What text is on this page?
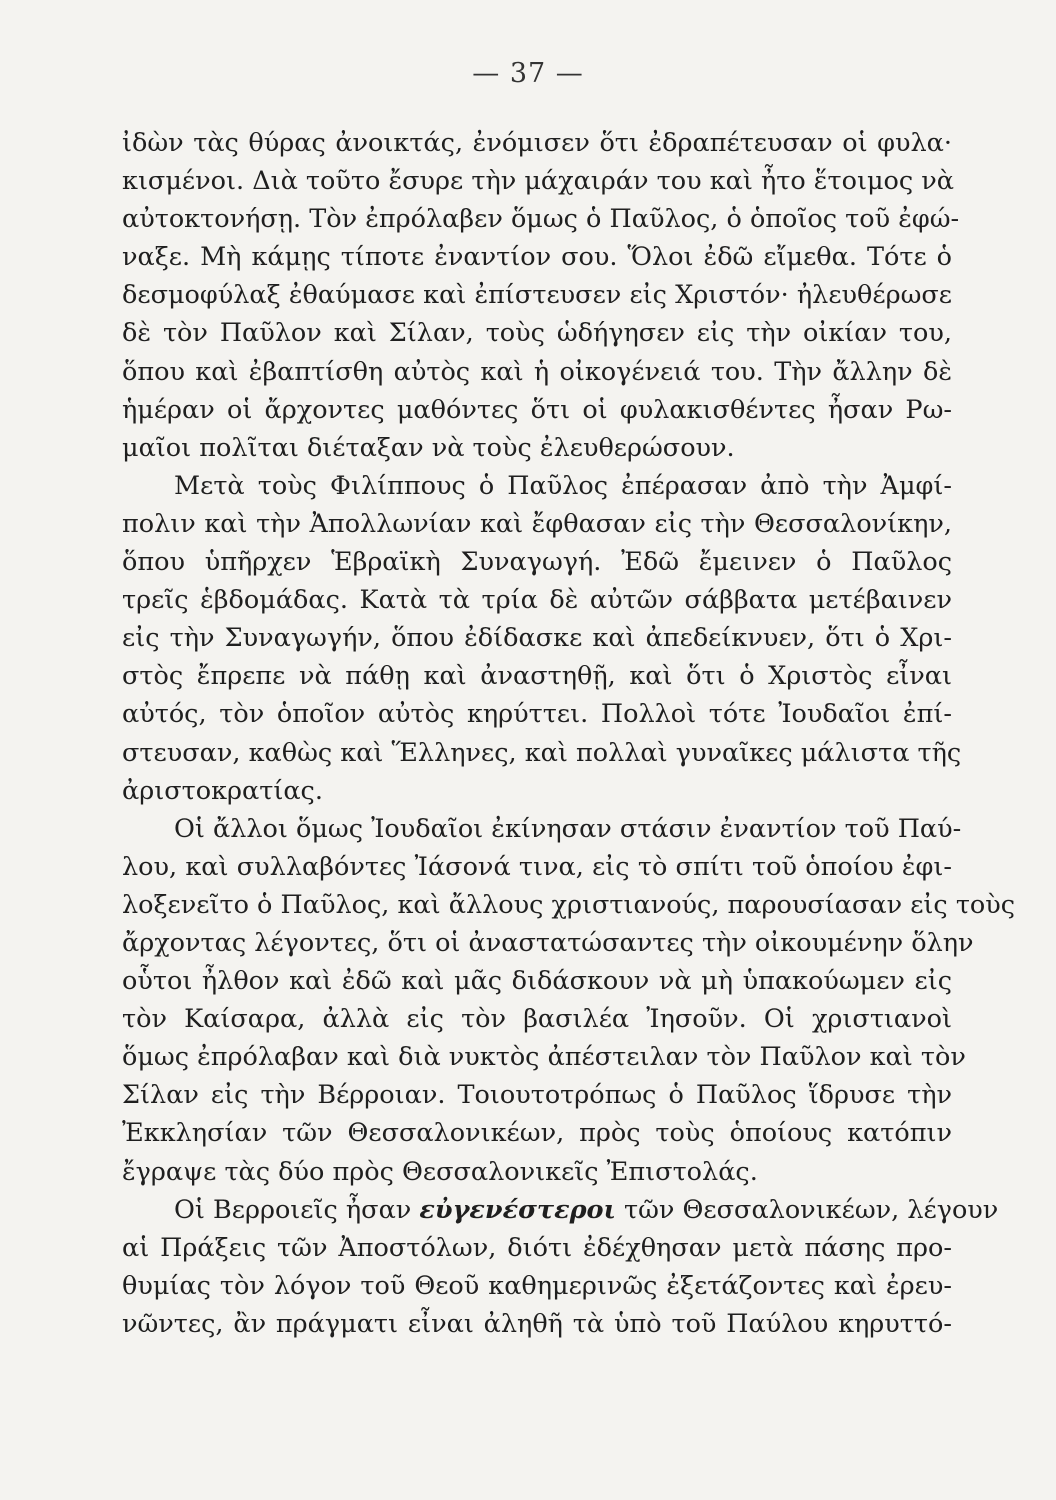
— 37 —
ἰδὼν τὰς θύρας ἀνοικτάς, ἐνόμισεν ὅτι ἐδραπέτευσαν οἱ φυλα·
κισμένοι. Διὰ τοῦτο ἔσυρε τὴν μάχαιράν του καὶ ἦτο ἕτοιμος νὰ
αὐτοκτονήσῃ. Τὸν ἐπρόλαβεν ὅμως ὁ Παῦλος, ὁ ὁποῖος τοῦ ἐφώ-
ναξε. Μὴ κάμῃς τίποτε ἐναντίον σου. Ὅλοι ἐδῶ εἴμεθα. Τότε ὁ
δεσμοφύλαξ ἐθαύμασε καὶ ἐπίστευσεν εἰς Χριστόν· ἠλευθέρωσε
δὲ τὸν Παῦλον καὶ Σίλαν, τοὺς ὡδήγησεν εἰς τὴν οἰκίαν του,
ὅπου καὶ ἐβαπτίσθη αὐτὸς καὶ ἡ οἰκογένειά του. Τὴν ἄλλην δὲ
ἡμέραν οἱ ἄρχοντες μαθόντες ὅτι οἱ φυλακισθέντες ἦσαν Ρω-
μαῖοι πολῖται διέταξαν νὰ τοὺς ἐλευθερώσουν.
Μετὰ τοὺς Φιλίππους ὁ Παῦλος ἐπέρασαν ἀπὸ τὴν Ἀμφί-
πολιν καὶ τὴν Ἀπολλωνίαν καὶ ἔφθασαν εἰς τὴν Θεσσαλονίκην,
ὅπου ὑπῆρχεν Ἑβραϊκὴ Συναγωγή. Ἐδῶ ἔμεινεν ὁ Παῦλος
τρεῖς ἑβδομάδας. Κατὰ τὰ τρία δὲ αὐτῶν σάββατα μετέβαινεν
εἰς τὴν Συναγωγήν, ὅπου ἐδίδασκε καὶ ἀπεδείκνυεν, ὅτι ὁ Χρι-
στὸς ἔπρεπε νὰ πάθῃ καὶ ἀναστηθῇ, καὶ ὅτι ὁ Χριστὸς εἶναι
αὐτός, τὸν ὁποῖον αὐτὸς κηρύττει. Πολλοὶ τότε Ἰουδαῖοι ἐπί-
στευσαν, καθὼς καὶ Ἕλληνες, καὶ πολλαὶ γυναῖκες μάλιστα τῆς
ἀριστοκρατίας.
Οἱ ἄλλοι ὅμως Ἰουδαῖοι ἐκίνησαν στάσιν ἐναντίον τοῦ Παύ-
λου, καὶ συλλαβόντες Ἰάσονά τινα, εἰς τὸ σπίτι τοῦ ὁποίου ἐφι-
λοξενεῖτο ὁ Παῦλος, καὶ ἄλλους χριστιανούς, παρουσίασαν εἰς τοὺς
ἄρχοντας λέγοντες, ὅτι οἱ ἀναστατώσαντες τὴν οἰκουμένην ὅλην
οὗτοι ἦλθον καὶ ἐδῶ καὶ μᾶς διδάσκουν νὰ μὴ ὑπακούωμεν εἰς
τὸν Καίσαρα, ἀλλὰ εἰς τὸν βασιλέα Ἰησοῦν. Οἱ χριστιανοὶ
ὅμως ἐπρόλαβαν καὶ διὰ νυκτὸς ἀπέστειλαν τὸν Παῦλον καὶ τὸν
Σίλαν εἰς τὴν Βέρροιαν. Τοιουτοτρόπως ὁ Παῦλος ἵδρυσε τὴν
Ἐκκλησίαν τῶν Θεσσαλονικέων, πρὸς τοὺς ὁποίους κατόπιν
ἔγραψε τὰς δύο πρὸς Θεσσαλονικεῖς Ἐπιστολάς.
Οἱ Βερροιεῖς ἦσαν εὐγενέστεροι τῶν Θεσσαλονικέων, λέγουν
αἱ Πράξεις τῶν Ἀποστόλων, διότι ἐδέχθησαν μετὰ πάσης προ-
θυμίας τὸν λόγον τοῦ Θεοῦ καθημερινῶς ἐξετάζοντες καὶ ἐρευ-
νῶντες, ἂν πράγματι εἶναι ἀληθῆ τὰ ὑπὸ τοῦ Παύλου κηρυττό-
